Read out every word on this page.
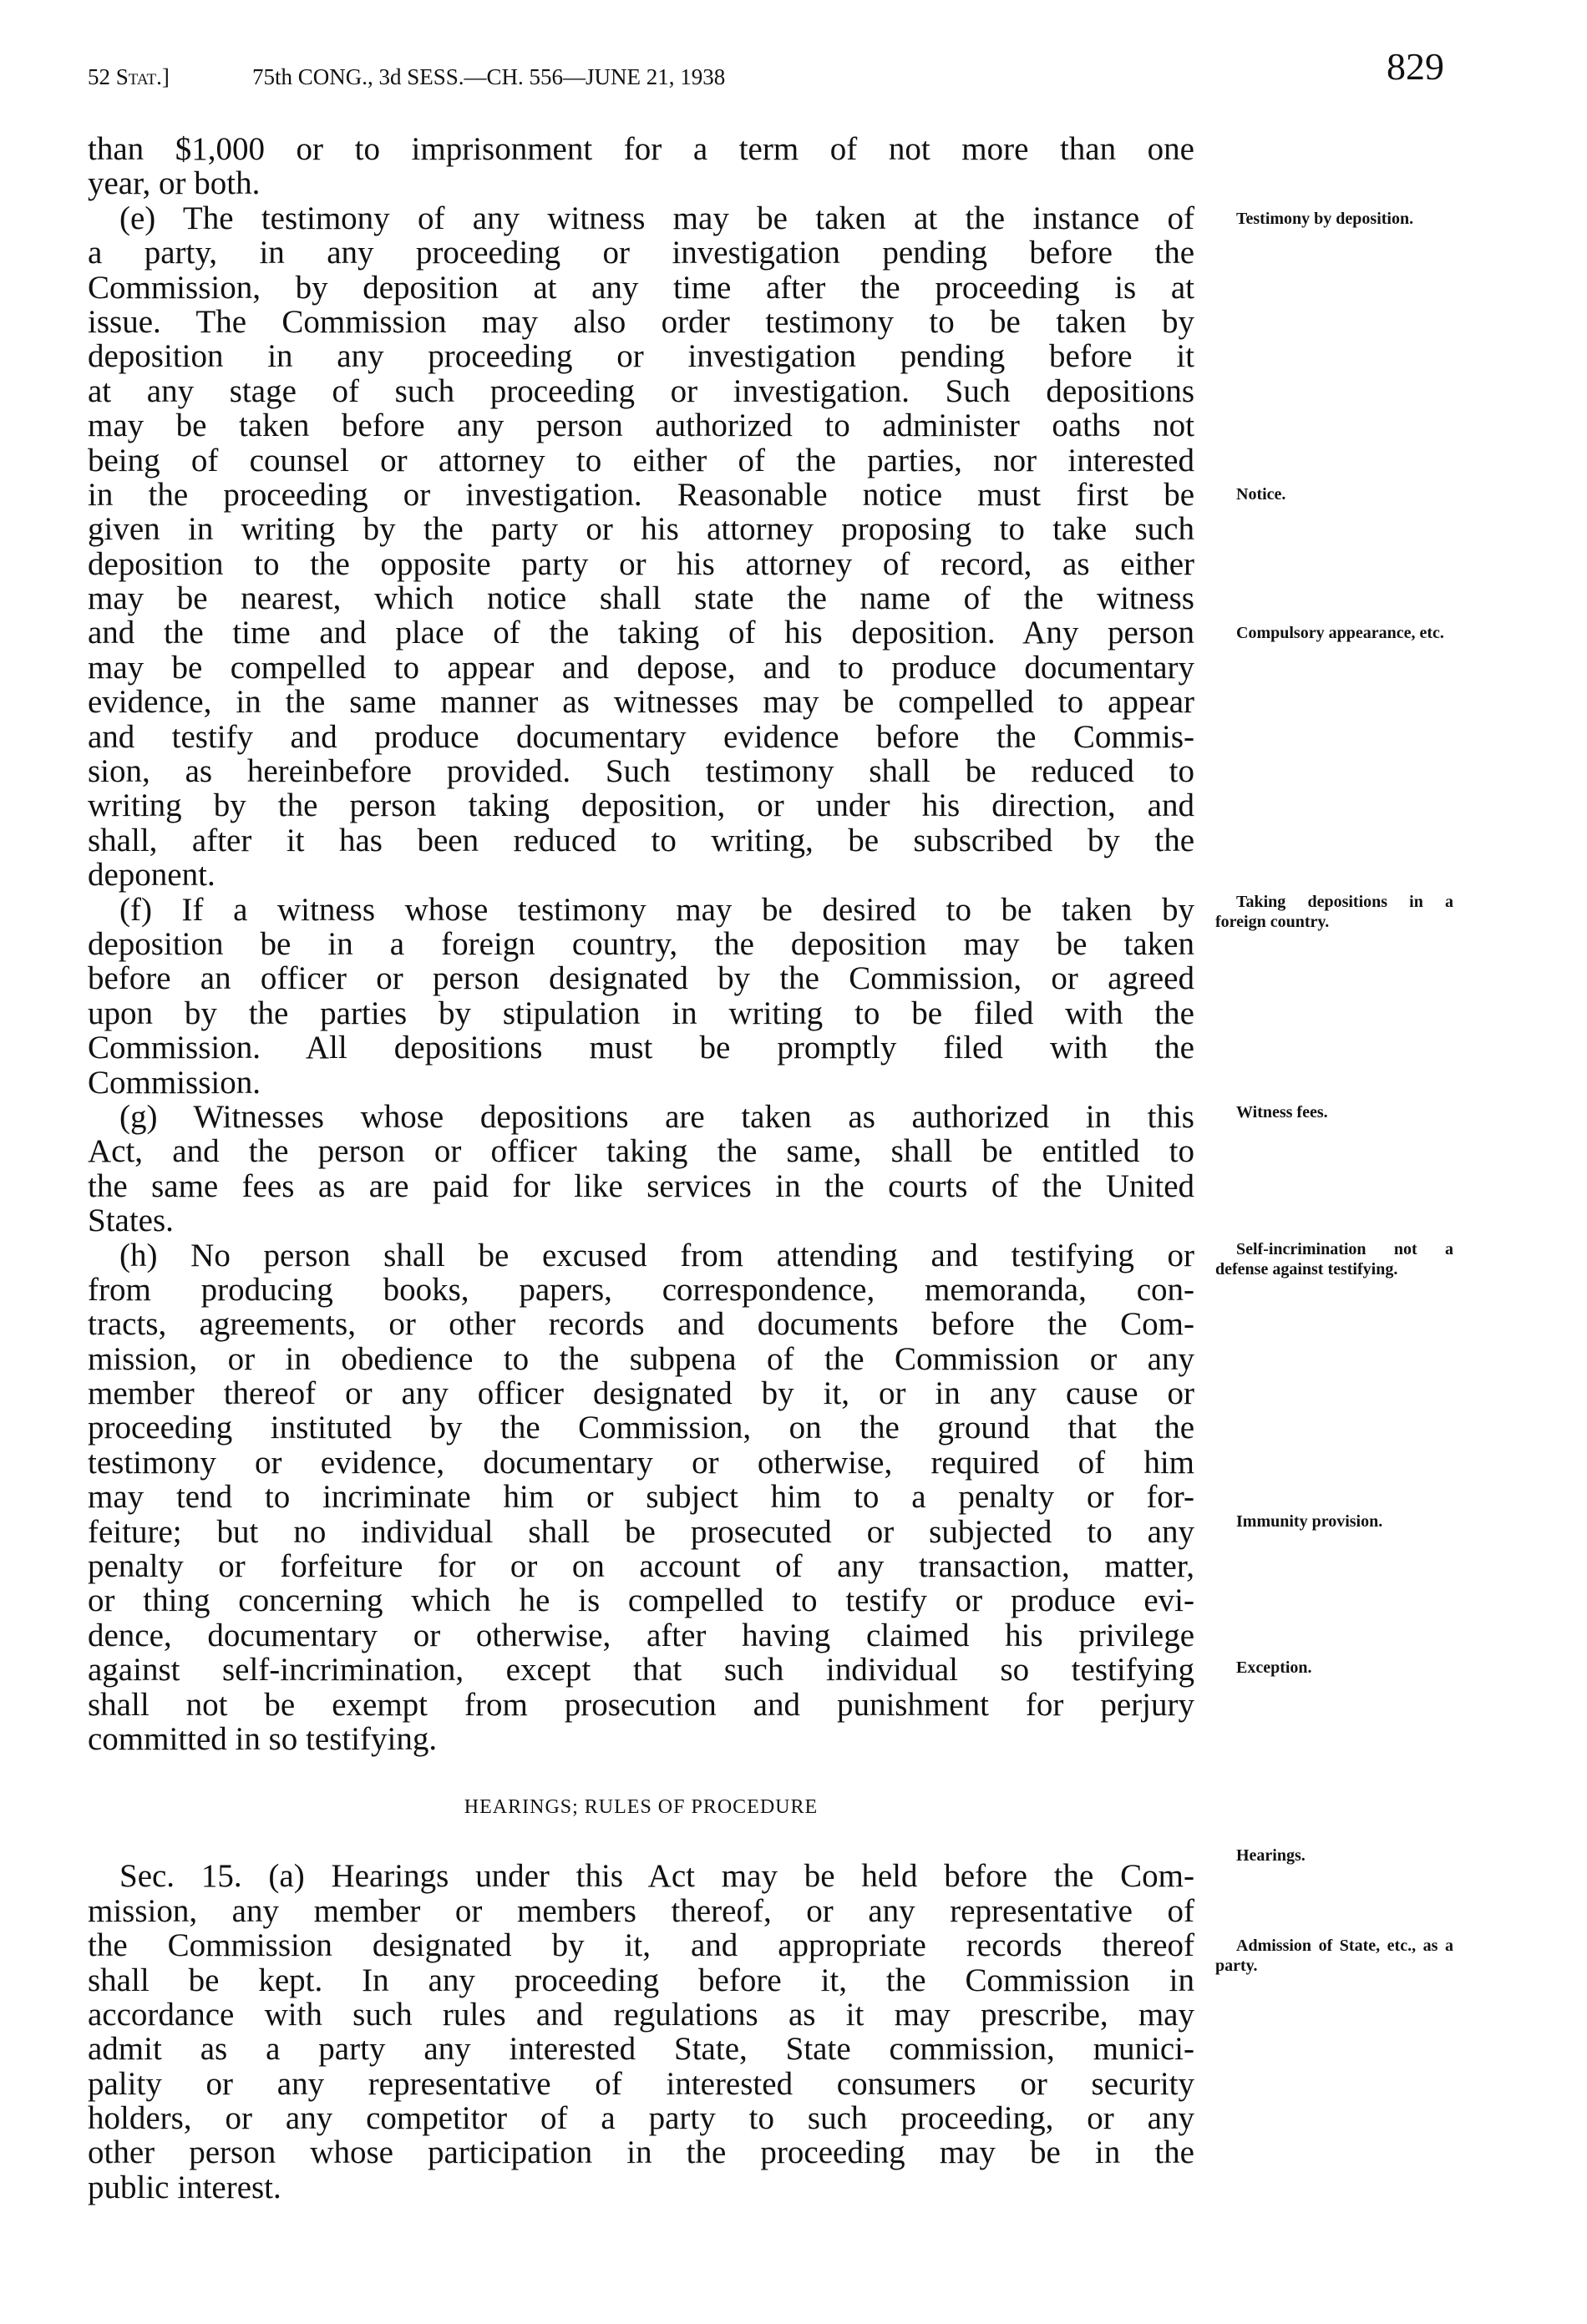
52 Stat.]	75th CONG., 3d SESS.—CH. 556—JUNE 21, 1938	829
than $1,000 or to imprisonment for a term of not more than one
year, or both.
(e) The testimony of any witness may be taken at the instance of
a party, in any proceeding or investigation pending before the
Commission, by deposition at any time after the proceeding is at
issue. The Commission may also order testimony to be taken by
deposition in any proceeding or investigation pending before it
at any stage of such proceeding or investigation. Such depositions
may be taken before any person authorized to administer oaths not
being of counsel or attorney to either of the parties, nor interested
in the proceeding or investigation. Reasonable notice must first be
given in writing by the party or his attorney proposing to take such
deposition to the opposite party or his attorney of record, as either
may be nearest, which notice shall state the name of the witness
and the time and place of the taking of his deposition. Any person
may be compelled to appear and depose, and to produce documentary
evidence, in the same manner as witnesses may be compelled to appear
and testify and produce documentary evidence before the Commis-
sion, as hereinbefore provided. Such testimony shall be reduced to
writing by the person taking deposition, or under his direction, and
shall, after it has been reduced to writing, be subscribed by the
deponent.
(f) If a witness whose testimony may be desired to be taken by
deposition be in a foreign country, the deposition may be taken
before an officer or person designated by the Commission, or agreed
upon by the parties by stipulation in writing to be filed with the
Commission. All depositions must be promptly filed with the
Commission.
(g) Witnesses whose depositions are taken as authorized in this
Act, and the person or officer taking the same, shall be entitled to
the same fees as are paid for like services in the courts of the United
States.
(h) No person shall be excused from attending and testifying or
from producing books, papers, correspondence, memoranda, con-
tracts, agreements, or other records and documents before the Com-
mission, or in obedience to the subpena of the Commission or any
member thereof or any officer designated by it, or in any cause or
proceeding instituted by the Commission, on the ground that the
testimony or evidence, documentary or otherwise, required of him
may tend to incriminate him or subject him to a penalty or for-
feiture; but no individual shall be prosecuted or subjected to any
penalty or forfeiture for or on account of any transaction, matter,
or thing concerning which he is compelled to testify or produce evi-
dence, documentary or otherwise, after having claimed his privilege
against self-incrimination, except that such individual so testifying
shall not be exempt from prosecution and punishment for perjury
committed in so testifying.
HEARINGS; RULES OF PROCEDURE
Sec. 15. (a) Hearings under this Act may be held before the Com-
mission, any member or members thereof, or any representative of
the Commission designated by it, and appropriate records thereof
shall be kept. In any proceeding before it, the Commission in
accordance with such rules and regulations as it may prescribe, may
admit as a party any interested State, State commission, munici-
pality or any representative of interested consumers or security
holders, or any competitor of a party to such proceeding, or any
other person whose participation in the proceeding may be in the
public interest.
Testimony by deposition.
Notice.
Compulsory appearance, etc.
Taking depositions in a foreign country.
Witness fees.
Self-incrimination not a defense against testifying.
Immunity provision.
Exception.
Hearings.
Admission of State, etc., as a party.
